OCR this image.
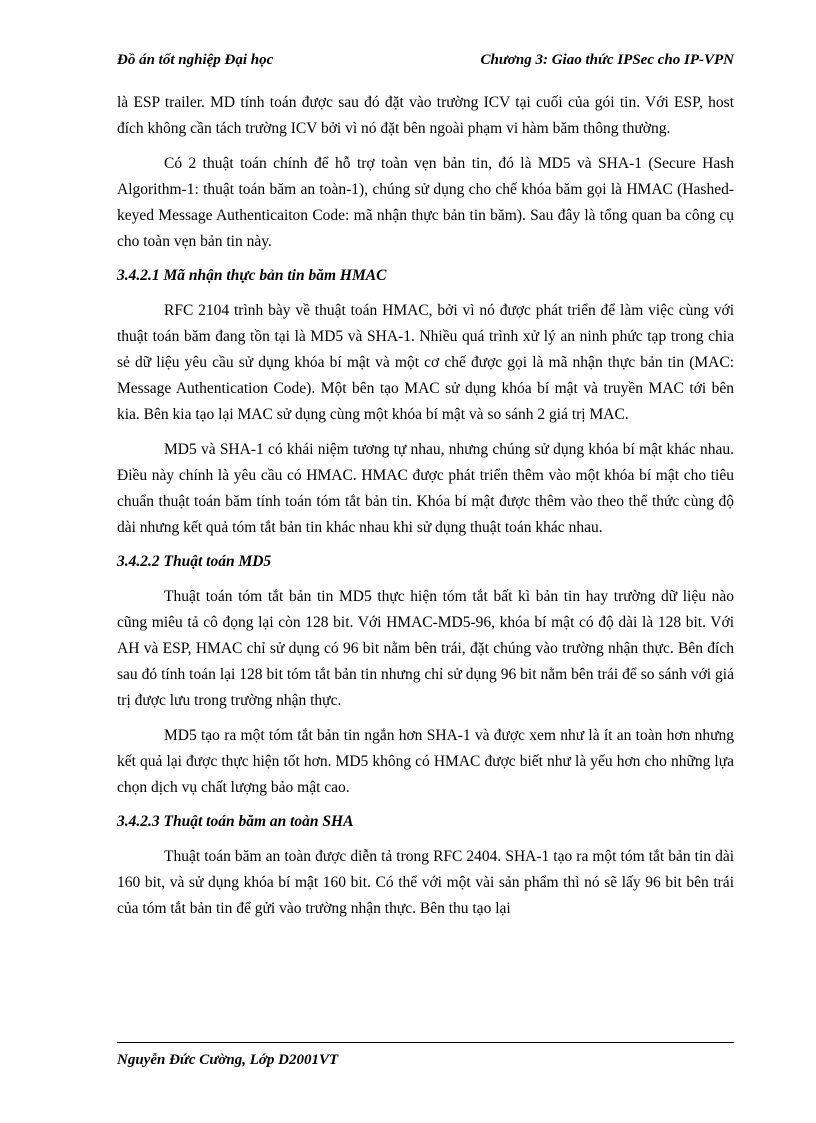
Đồ án tốt nghiệp Đại học	Chương 3: Giao thức IPSec cho IP-VPN

là ESP trailer. MD tính toán được sau đó đặt vào trường ICV tại cuối của gói tin. Với ESP, host đích không cần tách trường ICV bởi vì nó đặt bên ngoài phạm vi hàm băm thông thường.

Có 2 thuật toán chính để hỗ trợ toàn vẹn bản tin, đó là MD5 và SHA-1 (Secure Hash Algorithm-1: thuật toán băm an toàn-1), chúng sử dụng cho chế khóa băm gọi là HMAC (Hashed-keyed Message Authenticaiton Code: mã nhận thực bản tin băm). Sau đây là tổng quan ba công cụ cho toàn vẹn bản tin này.

3.4.2.1 Mã nhận thực bản tin băm HMAC

RFC 2104 trình bày về thuật toán HMAC, bởi vì nó được phát triển để làm việc cùng với thuật toán băm đang tồn tại là MD5 và SHA-1. Nhiều quá trình xử lý an ninh phức tạp trong chia sẻ dữ liệu yêu cầu sử dụng khóa bí mật và một cơ chế được gọi là mã nhận thực bản tin (MAC: Message Authentication Code). Một bên tạo MAC sử dụng khóa bí mật và truyền MAC tới bên kia. Bên kia tạo lại MAC sử dụng cùng một khóa bí mật và so sánh 2 giá trị MAC.

MD5 và SHA-1 có khái niệm tương tự nhau, nhưng chúng sử dụng khóa bí mật khác nhau. Điều này chính là yêu cầu có HMAC. HMAC được phát triển thêm vào một khóa bí mật cho tiêu chuẩn thuật toán băm tính toán tóm tắt bản tin. Khóa bí mật được thêm vào theo thể thức cùng độ dài nhưng kết quả tóm tắt bản tin khác nhau khi sử dụng thuật toán khác nhau.

3.4.2.2 Thuật toán MD5

Thuật toán tóm tắt bản tin MD5 thực hiện tóm tắt bất kì bản tin hay trường dữ liệu nào cũng miêu tả cô đọng lại còn 128 bit. Với HMAC-MD5-96, khóa bí mật có độ dài là 128 bit. Với AH và ESP, HMAC chỉ sử dụng có 96 bit nằm bên trái, đặt chúng vào trường nhận thực. Bên đích sau đó tính toán lại 128 bit tóm tắt bản tin nhưng chỉ sử dụng 96 bit nằm bên trái để so sánh với giá trị được lưu trong trường nhận thực.

MD5 tạo ra một tóm tắt bản tin ngắn hơn SHA-1 và được xem như là ít an toàn hơn nhưng kết quả lại được thực hiện tốt hơn. MD5 không có HMAC được biết như là yếu hơn cho những lựa chọn dịch vụ chất lượng bảo mật cao.

3.4.2.3 Thuật toán băm an toàn SHA

Thuật toán băm an toàn được diễn tả trong RFC 2404. SHA-1 tạo ra một tóm tắt bản tin dài 160 bit, và sử dụng khóa bí mật 160 bit. Có thể với một vài sản phẩm thì nó sẽ lấy 96 bit bên trái của tóm tắt bản tin để gửi vào trường nhận thực. Bên thu tạo lại

Nguyễn Đức Cường, Lớp D2001VT
